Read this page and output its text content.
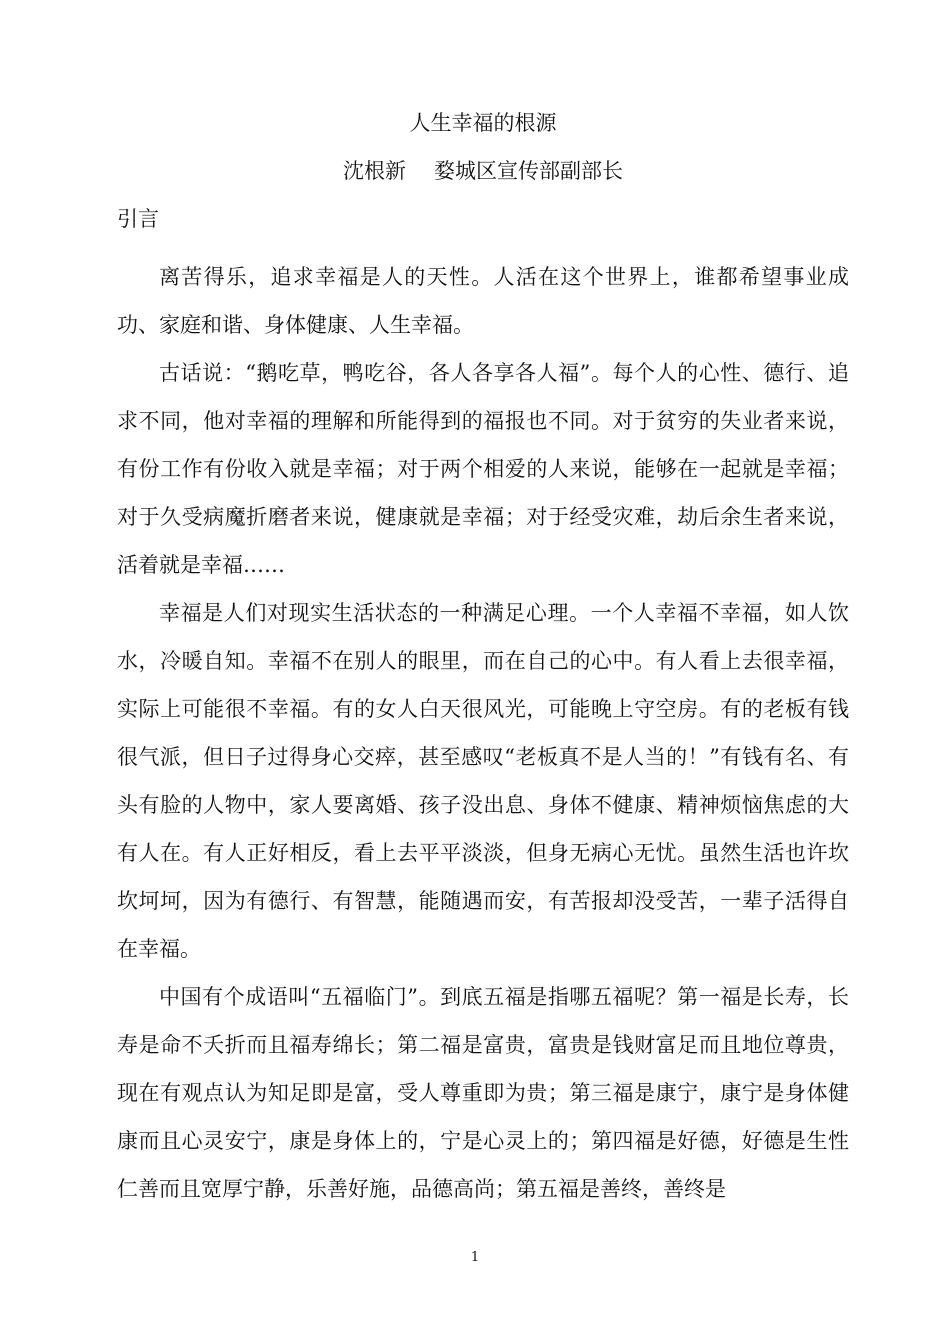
人生幸福的根源
沈根新 婺城区宣传部副部长
引言

离苦得乐，追求幸福是人的天性。人活在这个世界上，谁都希望事业成功、家庭和谐、身体健康、人生幸福。

古话说：“鹅吃草，鸭吃谷，各人各享各人福”。每个人的心性、德行、追求不同，他对幸福的理解和所能得到的福报也不同。对于贫穷的失业者来说，有份工作有份收入就是幸福；对于两个相爱的人来说，能够在一起就是幸福；对于久受病魔折磨者来说，健康就是幸福；对于经受灾难，劫后余生者来说，活着就是幸福……

幸福是人们对现实生活状态的一种满足心理。一个人幸福不幸福，如人饮水，冷暖自知。幸福不在别人的眼里，而在自己的心中。有人看上去很幸福，实际上可能很不幸福。有的女人白天很风光，可能晚上守空房。有的老板有钱很气派，但日子过得身心交瘁，甚至感叹“老板真不是人当的！”有钱有名、有头有脸的人物中，家人要离婚、孩子没出息、身体不健康、精神烦恼焦虑的大有人在。有人正好相反，看上去平平淡淡，但身无病心无忧。虽然生活也许坎坎坷坷，因为有德行、有智慧，能随遇而安，有苦报却没受苦，一辈子活得自在幸福。

中国有个成语叫“五福临门”。到底五福是指哪五福呢？第一福是长寿，长寿是命不夭折而且福寿绵长；第二福是富贵，富贵是钱财富足而且地位尊贵，现在有观点认为知足即是富，受人尊重即为贵；第三福是康宁，康宁是身体健康而且心灵安宁，康是身体上的，宁是心灵上的；第四福是好德，好德是生性仁善而且宽厚宁静，乐善好施，品德高尚；第五福是善终，善终是

1
